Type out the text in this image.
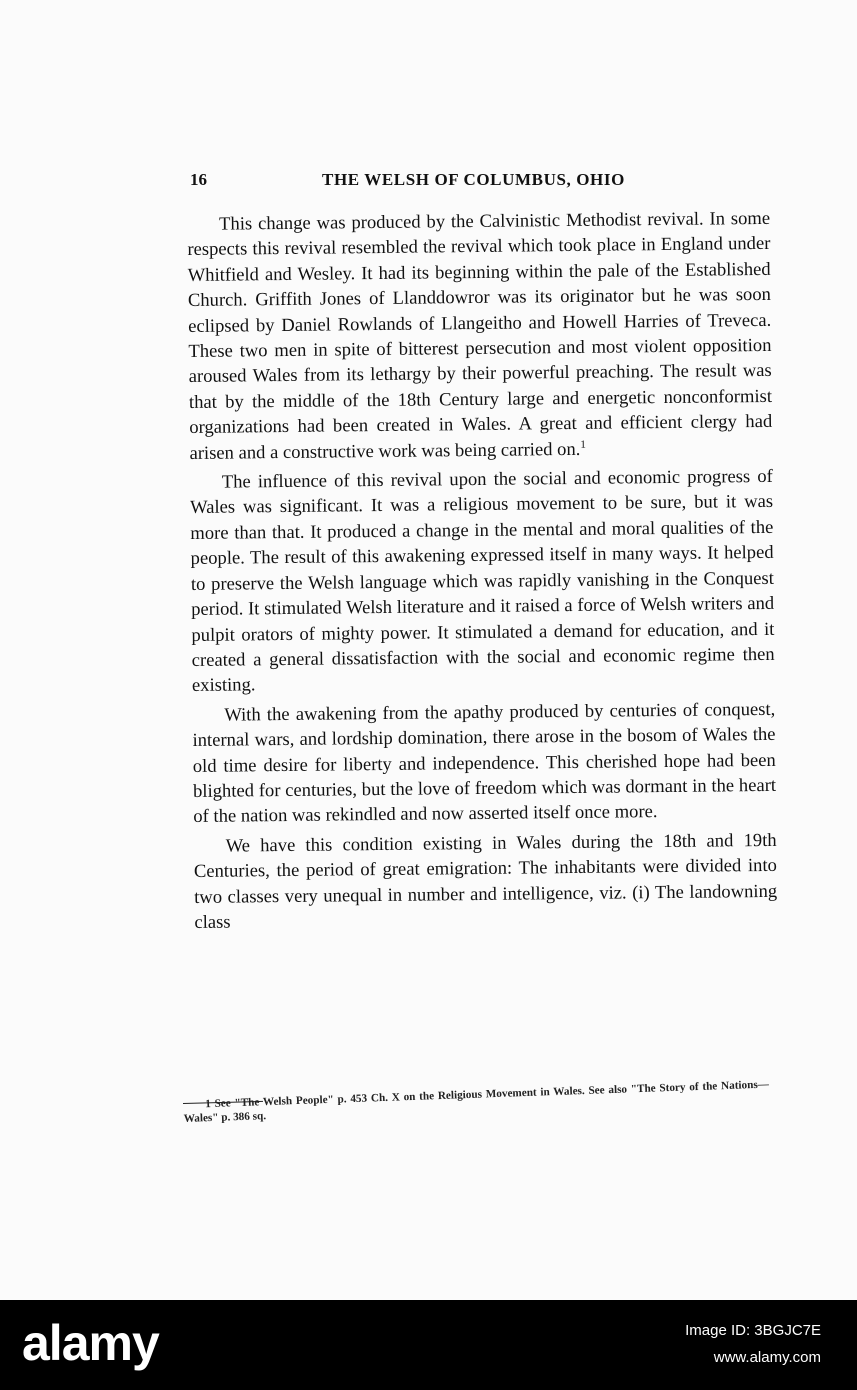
16	THE WELSH OF COLUMBUS, OHIO

This change was produced by the Calvinistic Methodist revival. In some respects this revival resembled the revival which took place in England under Whitfield and Wesley. It had its beginning within the pale of the Established Church. Griffith Jones of Llanddowror was its originator but he was soon eclipsed by Daniel Rowlands of Llangeitho and Howell Harries of Treveca. These two men in spite of bitterest persecution and most violent opposition aroused Wales from its lethargy by their powerful preaching. The result was that by the middle of the 18th Century large and energetic nonconformist organizations had been created in Wales. A great and efficient clergy had arisen and a constructive work was being carried on.$^1$

The influence of this revival upon the social and economic progress of Wales was significant. It was a religious movement to be sure, but it was more than that. It produced a change in the mental and moral qualities of the people. The result of this awakening expressed itself in many ways. It helped to preserve the Welsh language which was rapidly vanishing in the Conquest period. It stimulated Welsh literature and it raised a force of Welsh writers and pulpit orators of mighty power. It stimulated a demand for education, and it created a general dissatisfaction with the social and economic regime then existing.

With the awakening from the apathy produced by centuries of conquest, internal wars, and lordship domination, there arose in the bosom of Wales the old time desire for liberty and independence. This cherished hope had been blighted for centuries, but the love of freedom which was dormant in the heart of the nation was rekindled and now asserted itself once more.

We have this condition existing in Wales during the 18th and 19th Centuries, the period of great emigration: The inhabitants were divided into two classes very unequal in number and intelligence, viz. (i) The landowning class

1 See "The Welsh People" p. 453 Ch. X on the Religious Movement in Wales. See also "The Story of the Nations—Wales" p. 386 sq.
alamy	Image ID: 3BGJC7E
www.alamy.com
